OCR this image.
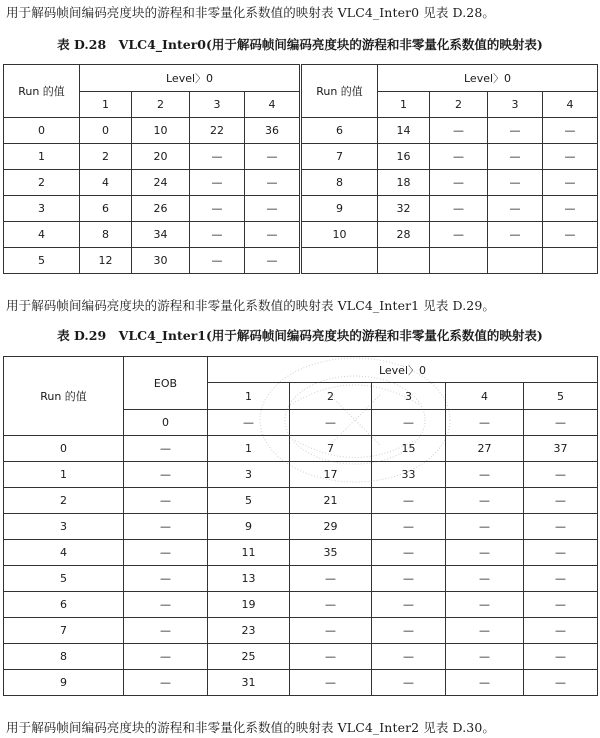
用于解码帧间编码亮度块的游程和非零量化系数值的映射表 VLC4_Inter0 见表 D.28。
表 D.28　VLC4_Inter0(用于解码帧间编码亮度块的游程和非零量化系数值的映射表)
Run 的值	Level〉0			
	1	2	3	4
0	0	10	22	36
1	2	20	—	—
2	4	24	—	—
3	6	26	—	—
4	8	34	—	—
5	12	30	—	—
Run 的值	Level〉0			
	1	2	3	4
6	14	—	—	—
7	16	—	—	—
8	18	—	—	—
9	32	—	—	—
10	28	—	—	—

用于解码帧间编码亮度块的游程和非零量化系数值的映射表 VLC4_Inter1 见表 D.29。
表 D.29　VLC4_Inter1(用于解码帧间编码亮度块的游程和非零量化系数值的映射表)
Run 的值	EOB	Level〉0				
		1	2	3	4	5
	0	—	—	—	—	—
0	—	1	7	15	27	37
1	—	3	17	33	—	—
2	—	5	21	—	—	—
3	—	9	29	—	—	—
4	—	11	35	—	—	—
5	—	13	—	—	—	—
6	—	19	—	—	—	—
7	—	23	—	—	—	—
8	—	25	—	—	—	—
9	—	31	—	—	—	—
用于解码帧间编码亮度块的游程和非零量化系数值的映射表 VLC4_Inter2 见表 D.30。
